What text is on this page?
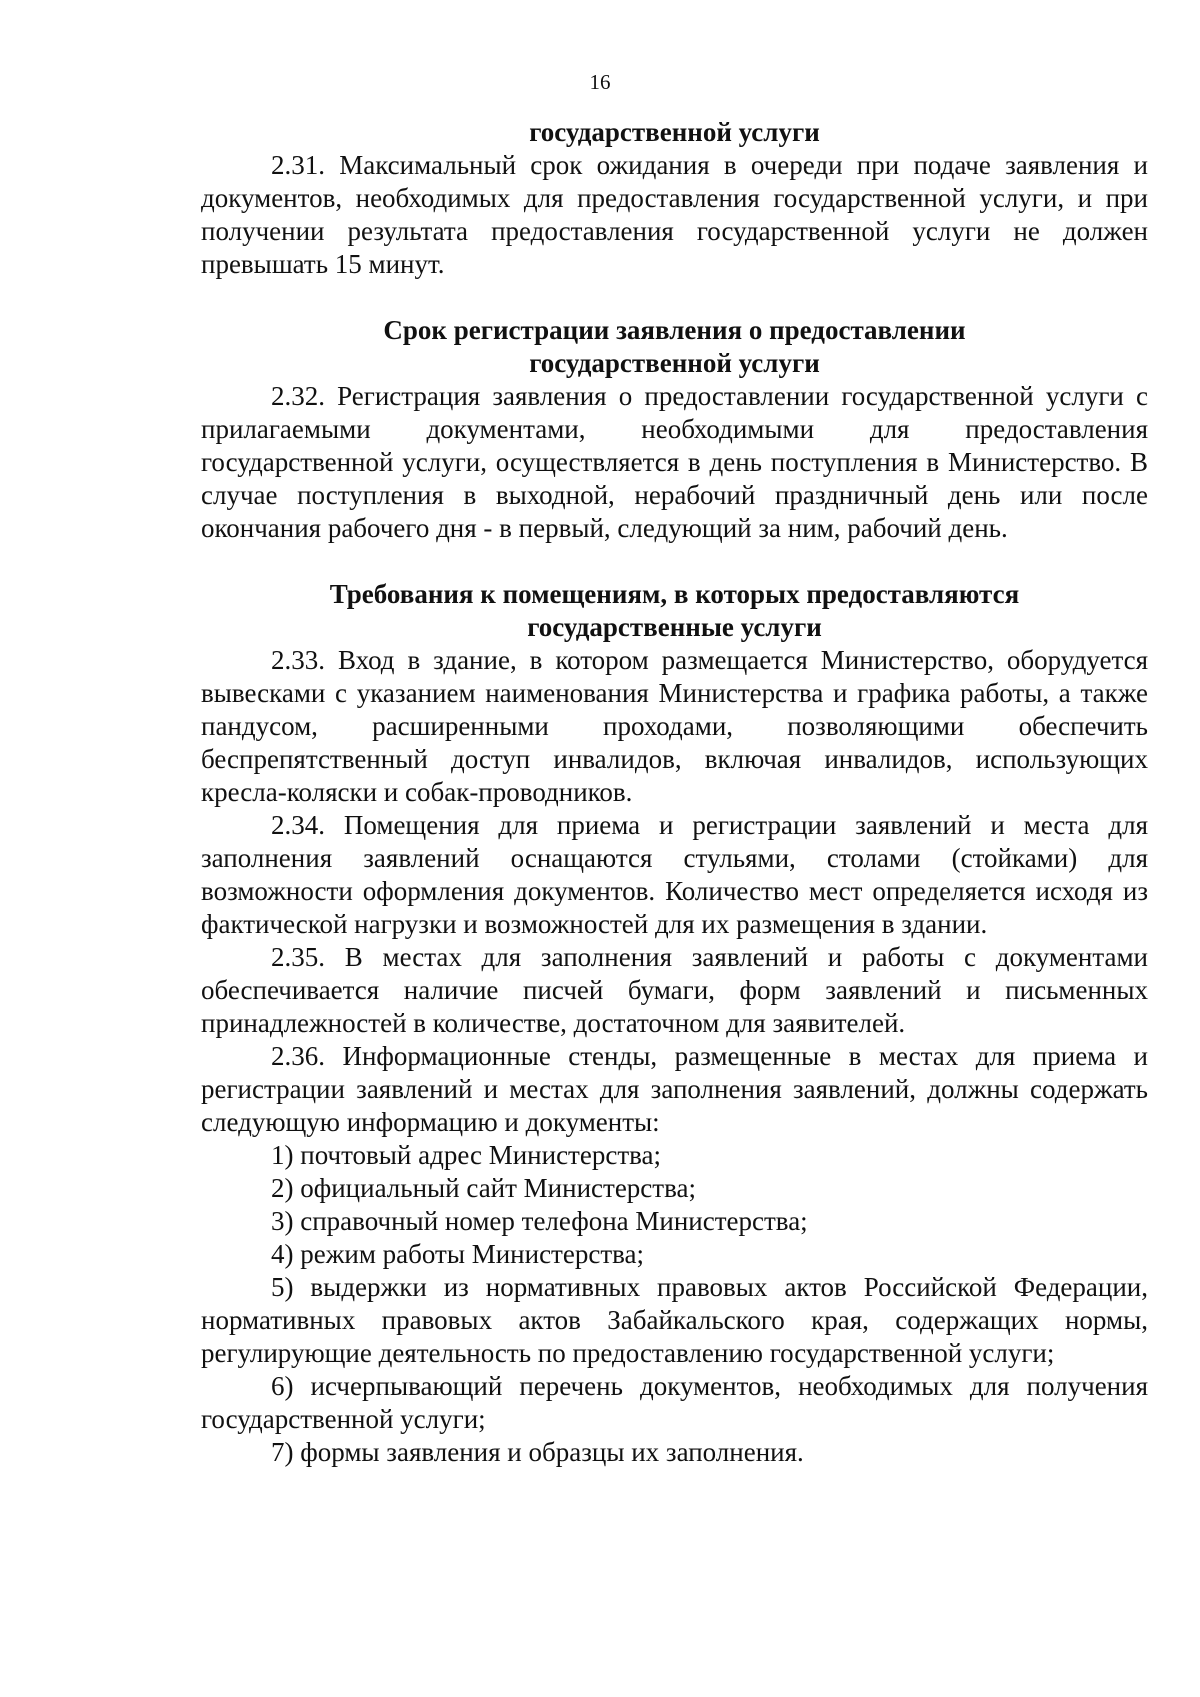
16
государственной услуги

2.31. Максимальный срок ожидания в очереди при подаче заявления и документов, необходимых для предоставления государственной услуги, и при получении результата предоставления государственной услуги не должен превышать 15 минут.

Срок регистрации заявления о предоставлении
государственной услуги

2.32. Регистрация заявления о предоставлении государственной услуги с прилагаемыми документами, необходимыми для предоставления государственной услуги, осуществляется в день поступления в Министерство. В случае поступления в выходной, нерабочий праздничный день или после окончания рабочего дня - в первый, следующий за ним, рабочий день.

Требования к помещениям, в которых предоставляются
государственные услуги

2.33. Вход в здание, в котором размещается Министерство, оборудуется вывесками с указанием наименования Министерства и графика работы, а также пандусом, расширенными проходами, позволяющими обеспечить беспрепятственный доступ инвалидов, включая инвалидов, использующих кресла-коляски и собак-проводников.

2.34. Помещения для приема и регистрации заявлений и места для заполнения заявлений оснащаются стульями, столами (стойками) для возможности оформления документов. Количество мест определяется исходя из фактической нагрузки и возможностей для их размещения в здании.

2.35. В местах для заполнения заявлений и работы с документами обеспечивается наличие писчей бумаги, форм заявлений и письменных принадлежностей в количестве, достаточном для заявителей.

2.36. Информационные стенды, размещенные в местах для приема и регистрации заявлений и местах для заполнения заявлений, должны содержать следующую информацию и документы:

1) почтовый адрес Министерства;

2) официальный сайт Министерства;

3) справочный номер телефона Министерства;

4) режим работы Министерства;

5) выдержки из нормативных правовых актов Российской Федерации, нормативных правовых актов Забайкальского края, содержащих нормы, регулирующие деятельность по предоставлению государственной услуги;

6) исчерпывающий перечень документов, необходимых для получения государственной услуги;

7) формы заявления и образцы их заполнения.
